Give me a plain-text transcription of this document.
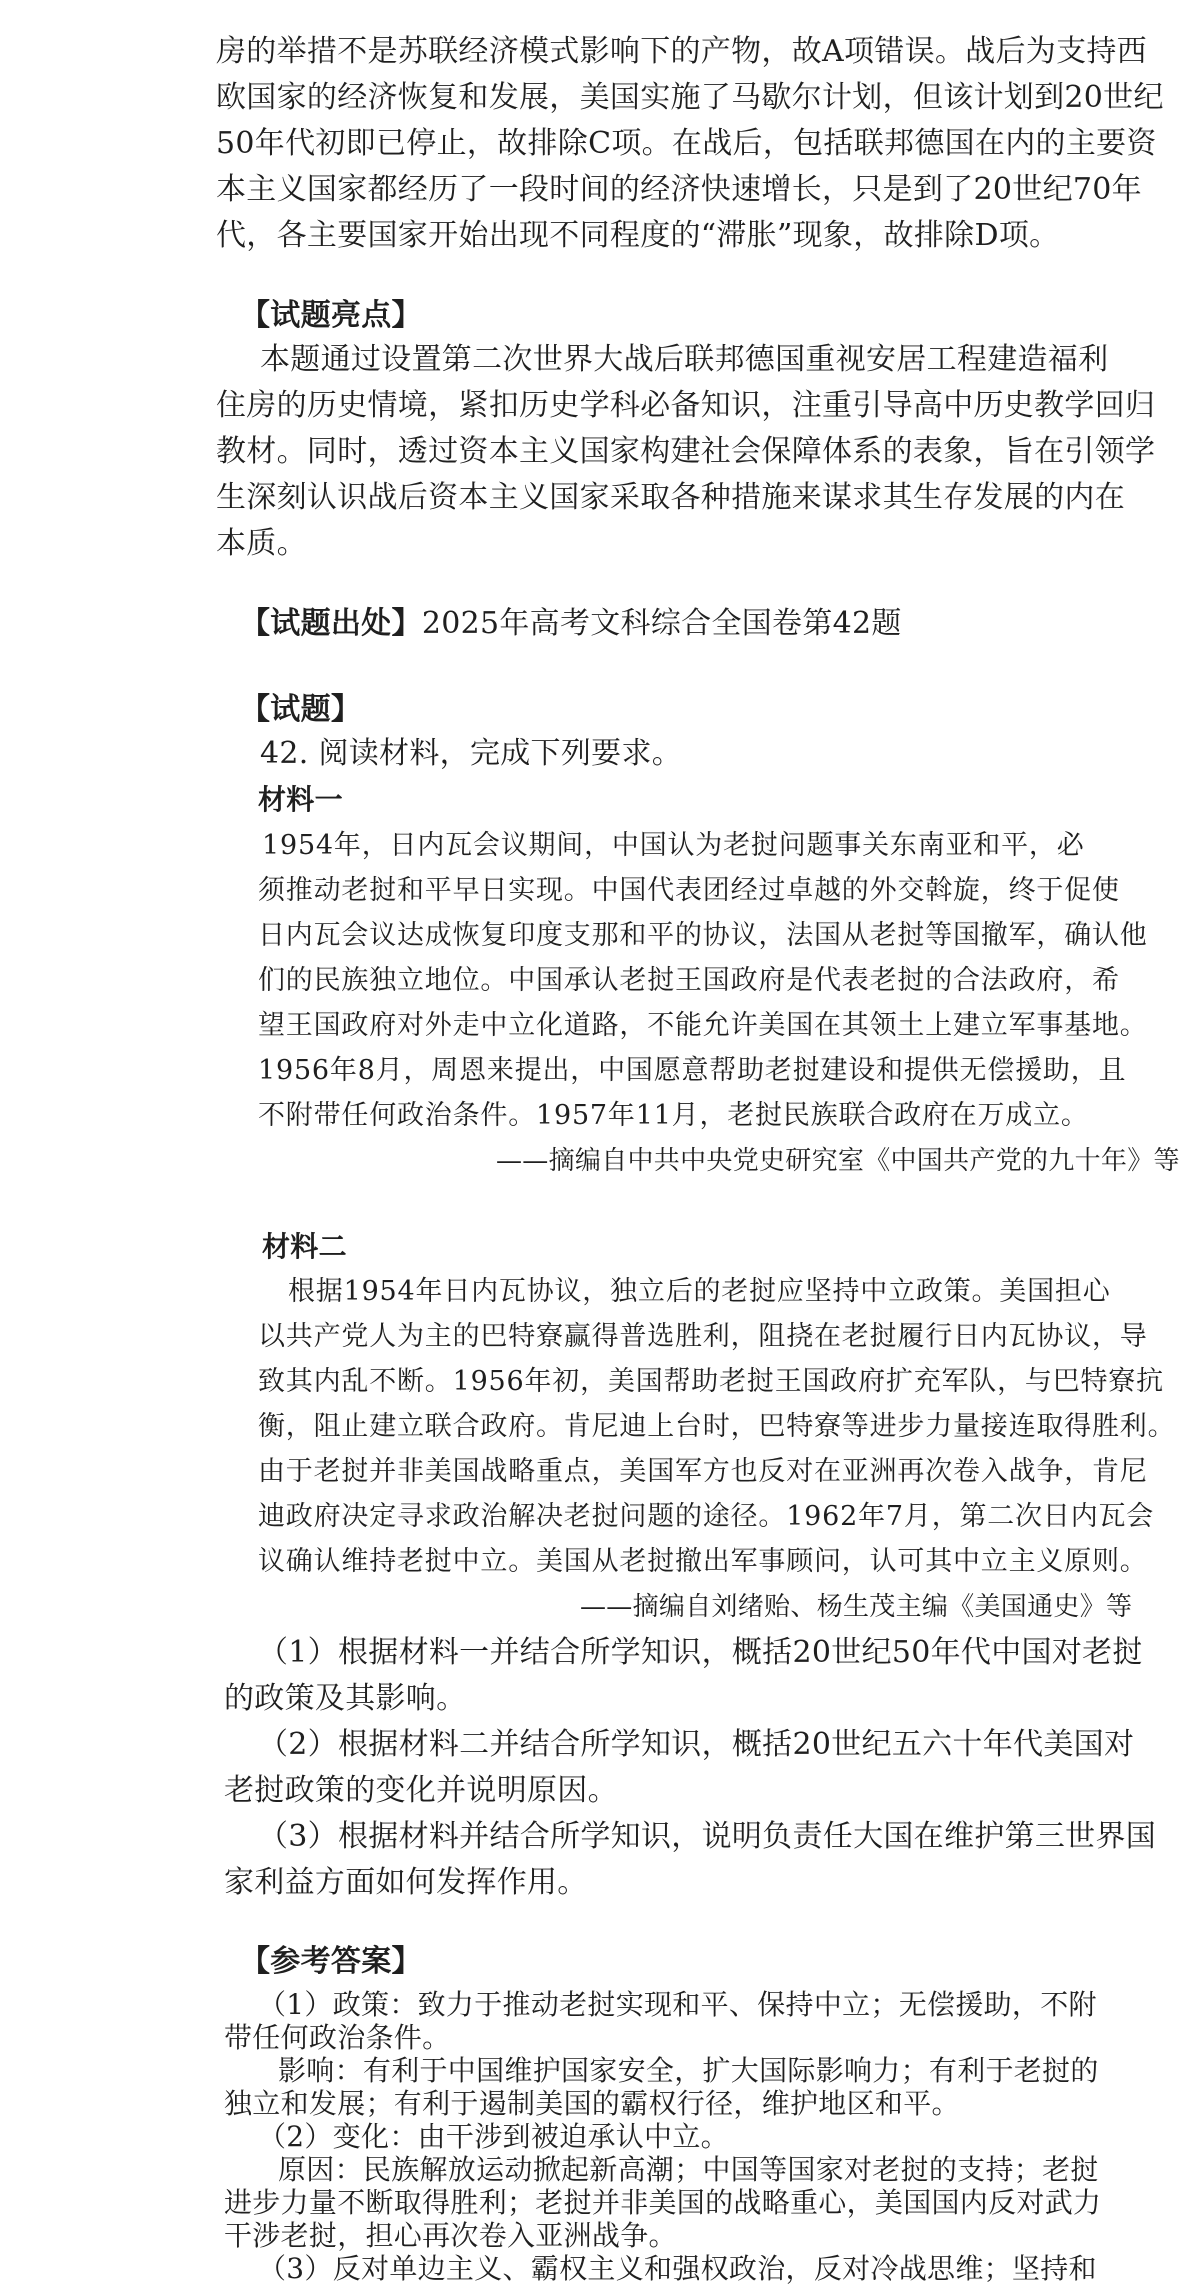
房的举措不是苏联经济模式影响下的产物，故A项错误。战后为支持西
欧国家的经济恢复和发展，美国实施了马歇尔计划，但该计划到20世纪
50年代初即已停止，故排除C项。在战后，包括联邦德国在内的主要资
本主义国家都经历了一段时间的经济快速增长，只是到了20世纪70年
代，各主要国家开始出现不同程度的“滞胀”现象，故排除D项。
【试题亮点】
本题通过设置第二次世界大战后联邦德国重视安居工程建造福利
住房的历史情境，紧扣历史学科必备知识，注重引导高中历史教学回归
教材。同时，透过资本主义国家构建社会保障体系的表象，旨在引领学
生深刻认识战后资本主义国家采取各种措施来谋求其生存发展的内在
本质。
【试题出处】2025年高考文科综合全国卷第42题
【试题】
42. 阅读材料，完成下列要求。
材料一
1954年，日内瓦会议期间，中国认为老挝问题事关东南亚和平，必
须推动老挝和平早日实现。中国代表团经过卓越的外交斡旋，终于促使
日内瓦会议达成恢复印度支那和平的协议，法国从老挝等国撤军，确认他
们的民族独立地位。中国承认老挝王国政府是代表老挝的合法政府，希
望王国政府对外走中立化道路，不能允许美国在其领土上建立军事基地。
1956年8月，周恩来提出，中国愿意帮助老挝建设和提供无偿援助，且
不附带任何政治条件。1957年11月，老挝民族联合政府在万成立。
——摘编自中共中央党史研究室《中国共产党的九十年》等
材料二
根据1954年日内瓦协议，独立后的老挝应坚持中立政策。美国担心
以共产党人为主的巴特寮赢得普选胜利，阻挠在老挝履行日内瓦协议，导
致其内乱不断。1956年初，美国帮助老挝王国政府扩充军队，与巴特寮抗
衡，阻止建立联合政府。肯尼迪上台时，巴特寮等进步力量接连取得胜利。
由于老挝并非美国战略重点，美国军方也反对在亚洲再次卷入战争，肯尼
迪政府决定寻求政治解决老挝问题的途径。1962年7月，第二次日内瓦会
议确认维持老挝中立。美国从老挝撤出军事顾问，认可其中立主义原则。
——摘编自刘绪贻、杨生茂主编《美国通史》等
（1）根据材料一并结合所学知识，概括20世纪50年代中国对老挝
的政策及其影响。
（2）根据材料二并结合所学知识，概括20世纪五六十年代美国对
老挝政策的变化并说明原因。
（3）根据材料并结合所学知识，说明负责任大国在维护第三世界国
家利益方面如何发挥作用。
【参考答案】
（1）政策：致力于推动老挝实现和平、保持中立；无偿援助，不附
带任何政治条件。
影响：有利于中国维护国家安全，扩大国际影响力；有利于老挝的
独立和发展；有利于遏制美国的霸权行径，维护地区和平。
（2）变化：由干涉到被迫承认中立。
原因：民族解放运动掀起新高潮；中国等国家对老挝的支持；老挝
进步力量不断取得胜利；老挝并非美国的战略重心，美国国内反对武力
干涉老挝，担心再次卷入亚洲战争。
（3）反对单边主义、霸权主义和强权政治，反对冷战思维；坚持和
